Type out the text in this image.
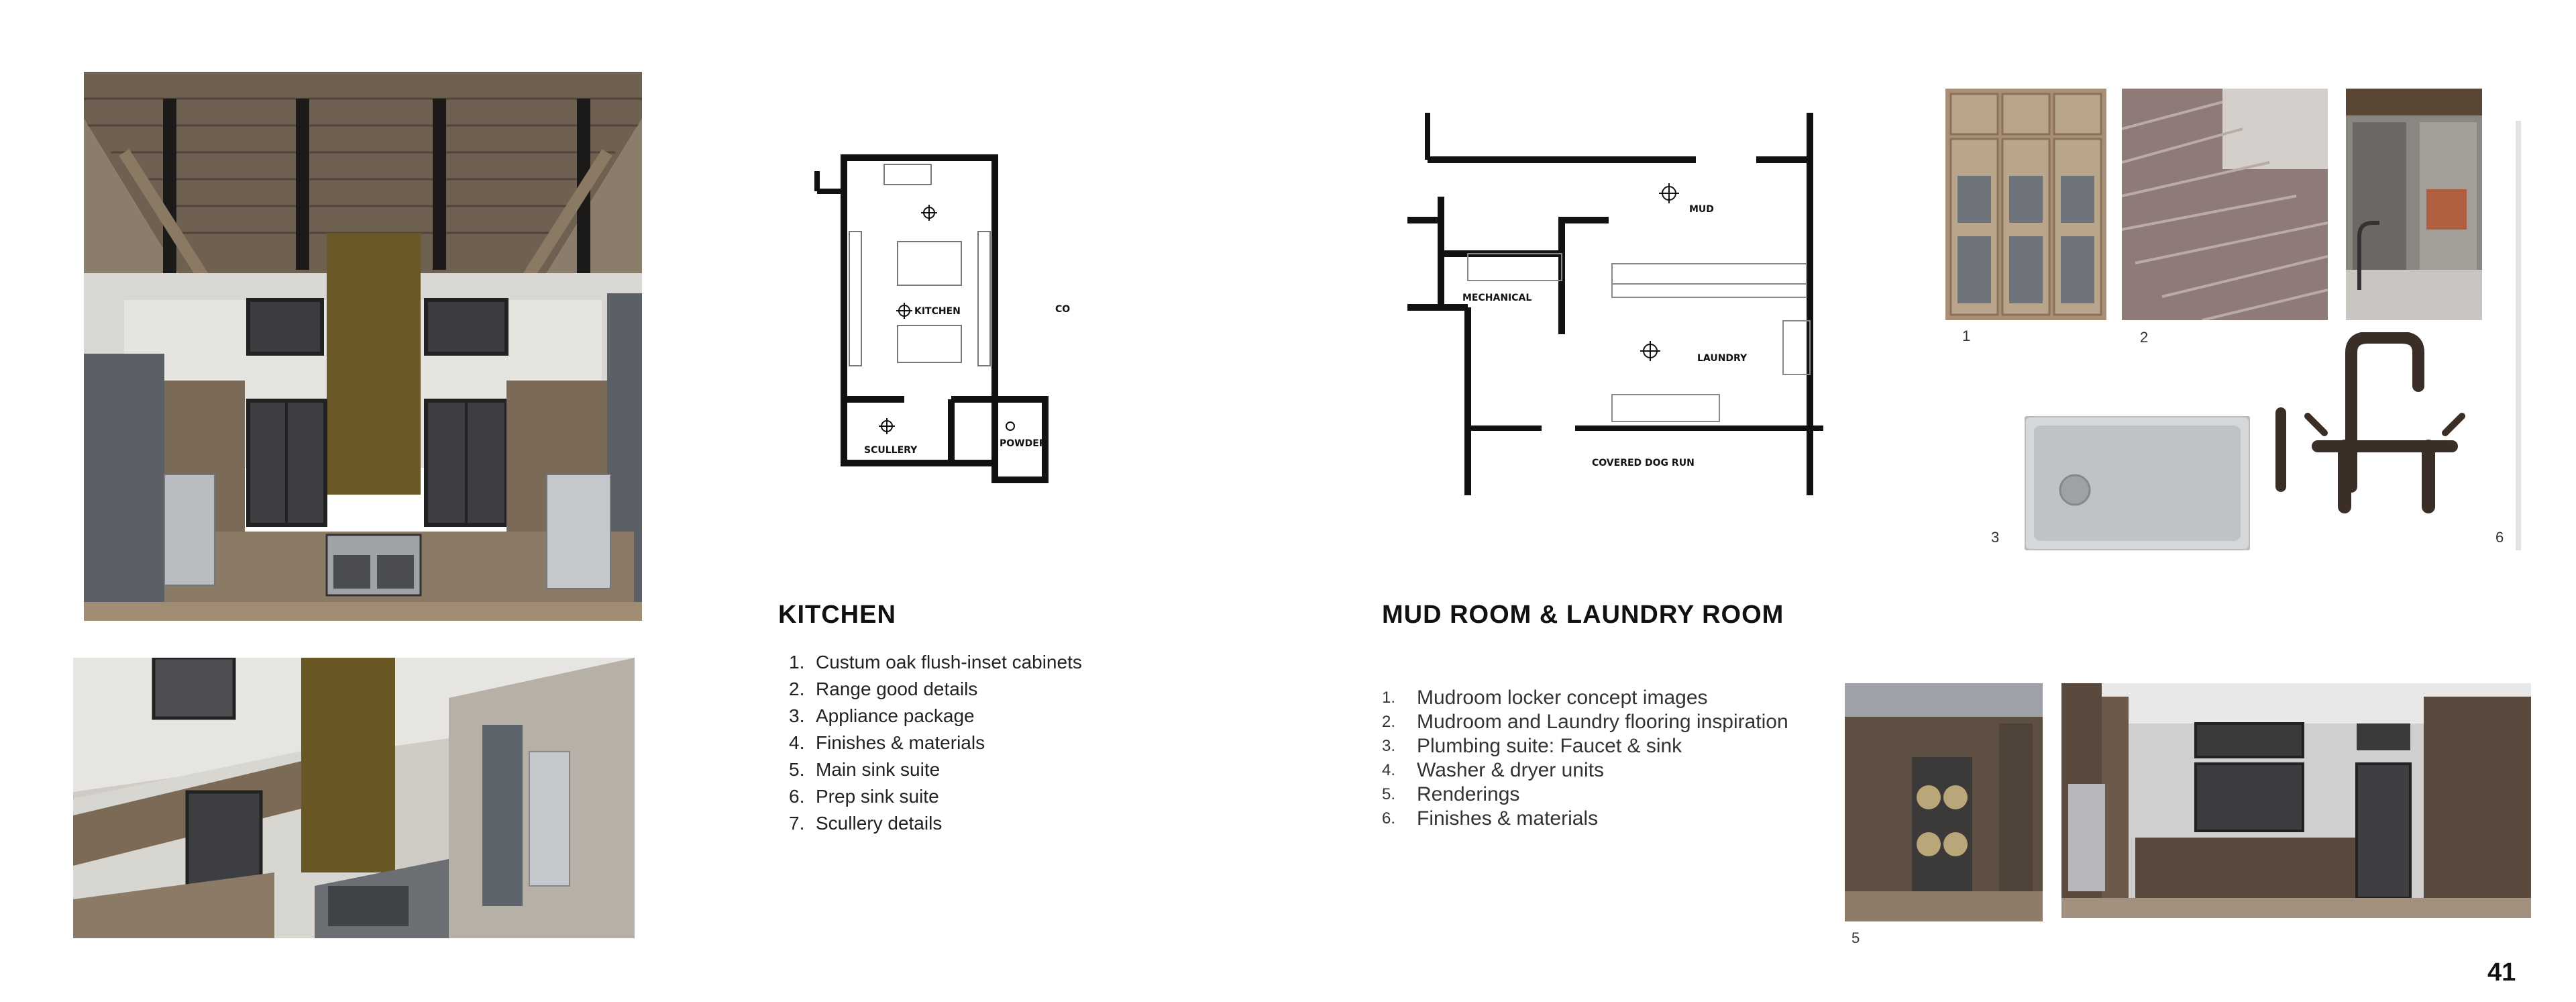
KITCHEN
SCULLERY
POWDER
CO
KITCHEN
1. Custum oak flush-inset cabinets
2. Range good details
3. Appliance package
4. Finishes & materials
5. Main sink suite
6. Prep sink suite
7. Scullery details
MUD
MECHANICAL
LAUNDRY
COVERED DOG RUN
MUD ROOM & LAUNDRY ROOM
1.	Mudroom locker concept images
2.	Mudroom and Laundry flooring inspiration
3.	Plumbing suite: Faucet & sink
4.	Washer & dryer units
5.	Renderings
6.	Finishes & materials
1	2
3	6
5
41
